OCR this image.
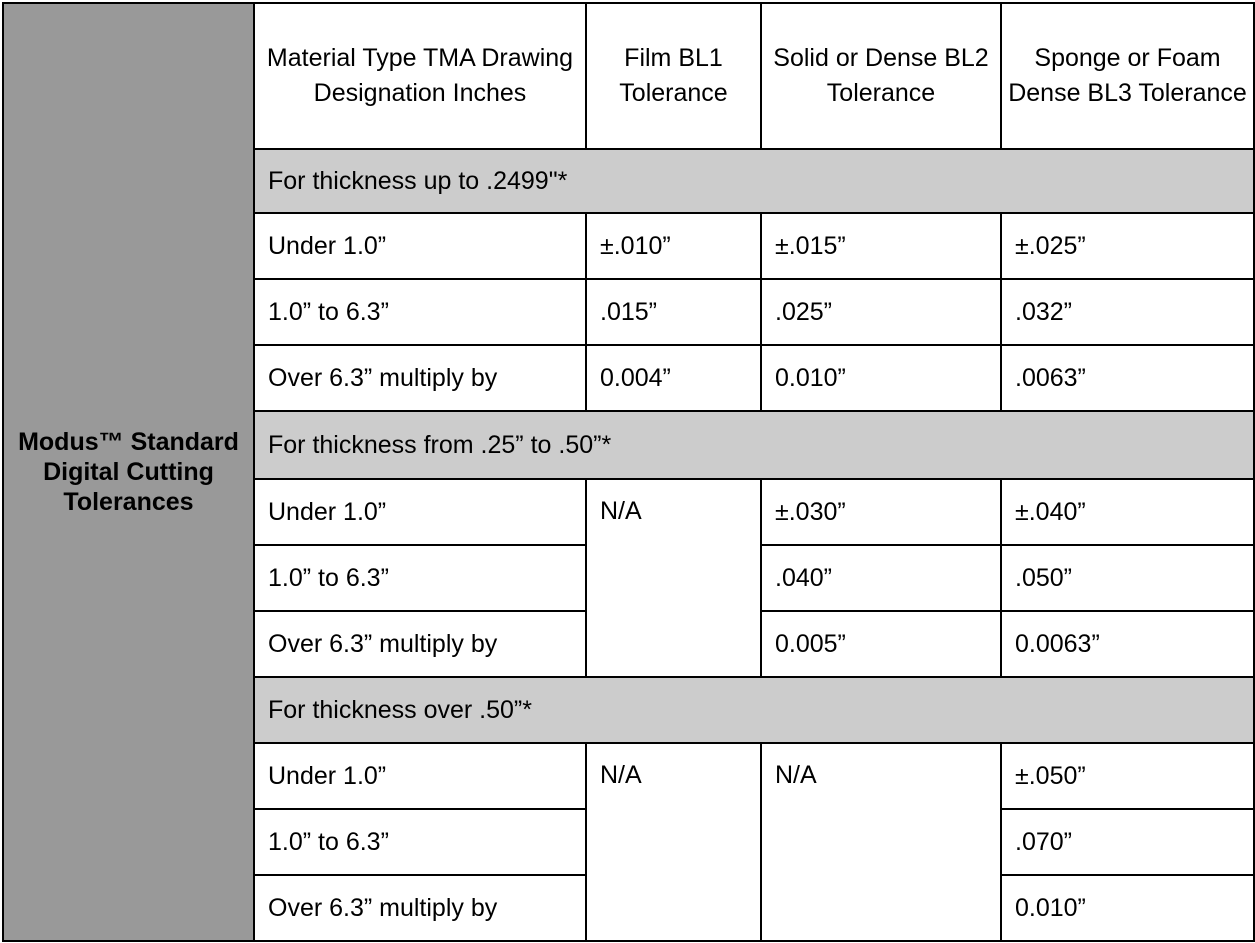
Modus™ Standard Digital Cutting Tolerances	Material Type TMA Drawing Designation Inches	Film BL1 Tolerance	Solid or Dense BL2 Tolerance	Sponge or Foam Dense BL3 Tolerance
	For thickness up to .2499"*			
	Under 1.0”	±.010”	±.015”	±.025”
	1.0” to 6.3”	.015”	.025”	.032”
	Over 6.3” multiply by	0.004”	0.010”	.0063”
	For thickness from .25” to .50”*			
	Under 1.0”	N/A	±.030”	±.040”
	1.0” to 6.3”		.040”	.050”
	Over 6.3” multiply by		0.005”	0.0063”
	For thickness over .50”*			
	Under 1.0”	N/A	N/A	±.050”
	1.0” to 6.3”			.070”
	Over 6.3” multiply by			0.010”
